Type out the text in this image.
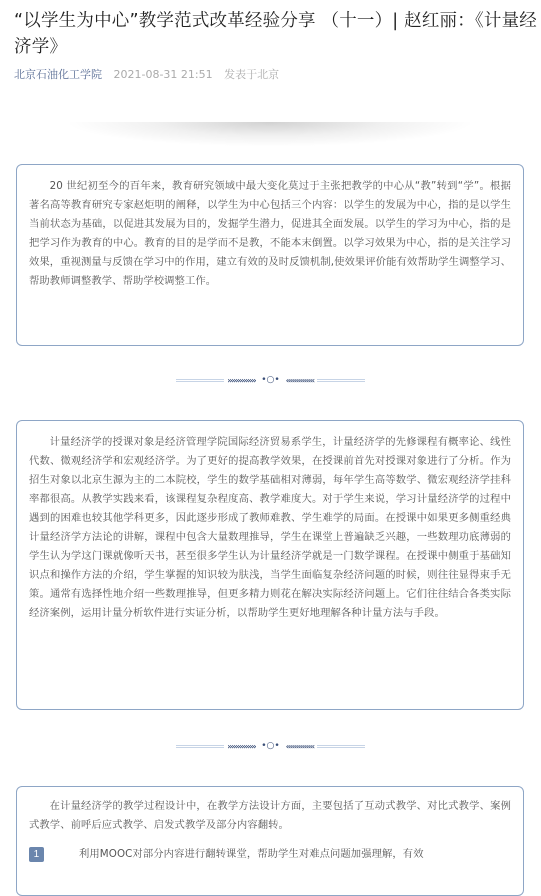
“以学生为中心”教学范式改革经验分享 （十一）| 赵红丽：《计量经济学》
北京石油化工学院 2021-08-31 21:51 发表于北京

20 世纪初至今的百年来，教育研究领域中最大变化莫过于主张把教学的中心从“教”转到“学”。根据著名高等教育研究专家赵炬明的阐释，以学生为中心包括三个内容：以学生的发展为中心，指的是以学生当前状态为基础，以促进其发展为目的，发掘学生潜力，促进其全面发展。以学生的学习为中心，指的是把学习作为教育的中心。教育的目的是学而不是教，不能本末倒置。以学习效果为中心，指的是关注学习效果，重视测量与反馈在学习中的作用，建立有效的及时反馈机制,使效果评价能有效帮助学生调整学习、帮助教师调整教学、帮助学校调整工作。

›››››››››››››› •○• ‹‹‹‹‹‹‹‹‹‹‹‹‹‹

计量经济学的授课对象是经济管理学院国际经济贸易系学生，计量经济学的先修课程有概率论、线性代数、微观经济学和宏观经济学。为了更好的提高教学效果，在授课前首先对授课对象进行了分析。作为招生对象以北京生源为主的二本院校，学生的数学基础相对薄弱，每年学生高等数学、微宏观经济学挂科率都很高。从教学实践来看，该课程复杂程度高、教学难度大。对于学生来说，学习计量经济学的过程中遇到的困难也较其他学科更多，因此逐步形成了教师难教、学生难学的局面。在授课中如果更多侧重经典计量经济学方法论的讲解，课程中包含大量数理推导，学生在课堂上普遍缺乏兴趣，一些数理功底薄弱的学生认为学这门课就像听天书，甚至很多学生认为计量经济学就是一门数学课程。在授课中侧重于基础知识点和操作方法的介绍，学生掌握的知识较为肤浅，当学生面临复杂经济问题的时候，则往往显得束手无策。通常有选择性地介绍一些数理推导，但更多精力则花在解决实际经济问题上。它们往往结合各类实际经济案例，运用计量分析软件进行实证分析，以帮助学生更好地理解各种计量方法与手段。

›››››››››››››› •○• ‹‹‹‹‹‹‹‹‹‹‹‹‹‹

在计量经济学的教学过程设计中，在教学方法设计方面，主要包括了互动式教学、对比式教学、案例式教学、前呼后应式教学、启发式教学及部分内容翻转。

1	利用MOOC对部分内容进行翻转课堂，帮助学生对难点问题加强理解，有效
